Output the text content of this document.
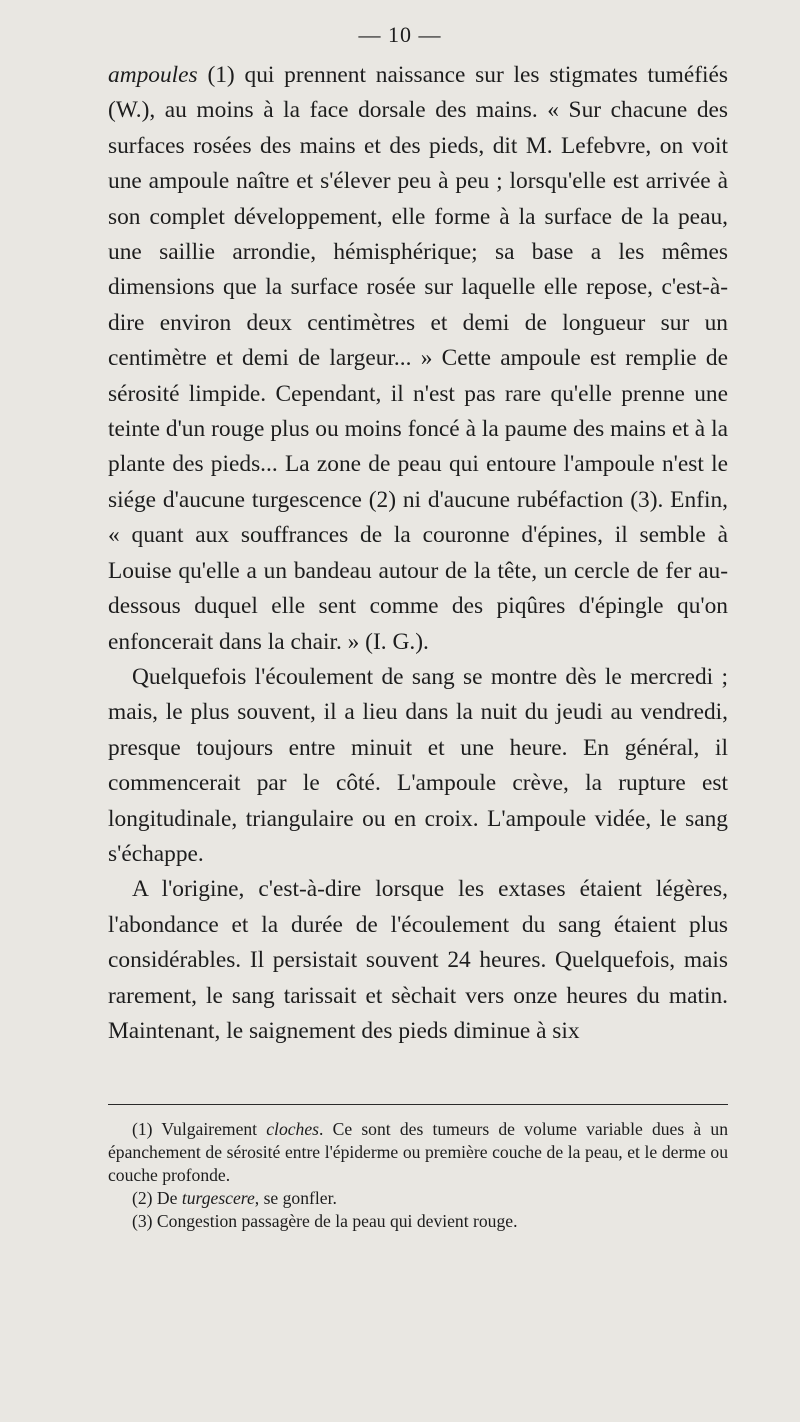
— 10 —

ampoules (1) qui prennent naissance sur les stigmates tuméfiés (W.), au moins à la face dorsale des mains. « Sur chacune des surfaces rosées des mains et des pieds, dit M. Lefebvre, on voit une ampoule naître et s'élever peu à peu ; lorsqu'elle est arrivée à son complet développement, elle forme à la surface de la peau, une saillie arrondie, hémisphérique; sa base a les mêmes dimensions que la surface rosée sur laquelle elle repose, c'est-à-dire environ deux centimètres et demi de longueur sur un centimètre et demi de largeur... » Cette ampoule est remplie de sérosité limpide. Cependant, il n'est pas rare qu'elle prenne une teinte d'un rouge plus ou moins foncé à la paume des mains et à la plante des pieds... La zone de peau qui entoure l'ampoule n'est le siége d'aucune turgescence (2) ni d'aucune rubéfaction (3). Enfin, « quant aux souffrances de la couronne d'épines, il semble à Louise qu'elle a un bandeau autour de la tête, un cercle de fer au-dessous duquel elle sent comme des piqûres d'épingle qu'on enfoncerait dans la chair. » (I. G.).

Quelquefois l'écoulement de sang se montre dès le mercredi ; mais, le plus souvent, il a lieu dans la nuit du jeudi au vendredi, presque toujours entre minuit et une heure. En général, il commencerait par le côté. L'ampoule crève, la rupture est longitudinale, triangulaire ou en croix. L'ampoule vidée, le sang s'échappe.

A l'origine, c'est-à-dire lorsque les extases étaient légères, l'abondance et la durée de l'écoulement du sang étaient plus considérables. Il persistait souvent 24 heures. Quelquefois, mais rarement, le sang tarissait et sèchait vers onze heures du matin. Maintenant, le saignement des pieds diminue à six

(1) Vulgairement cloches. Ce sont des tumeurs de volume variable dues à un épanchement de sérosité entre l'épiderme ou première couche de la peau, et le derme ou couche profonde.

(2) De turgescere, se gonfler.

(3) Congestion passagère de la peau qui devient rouge.
